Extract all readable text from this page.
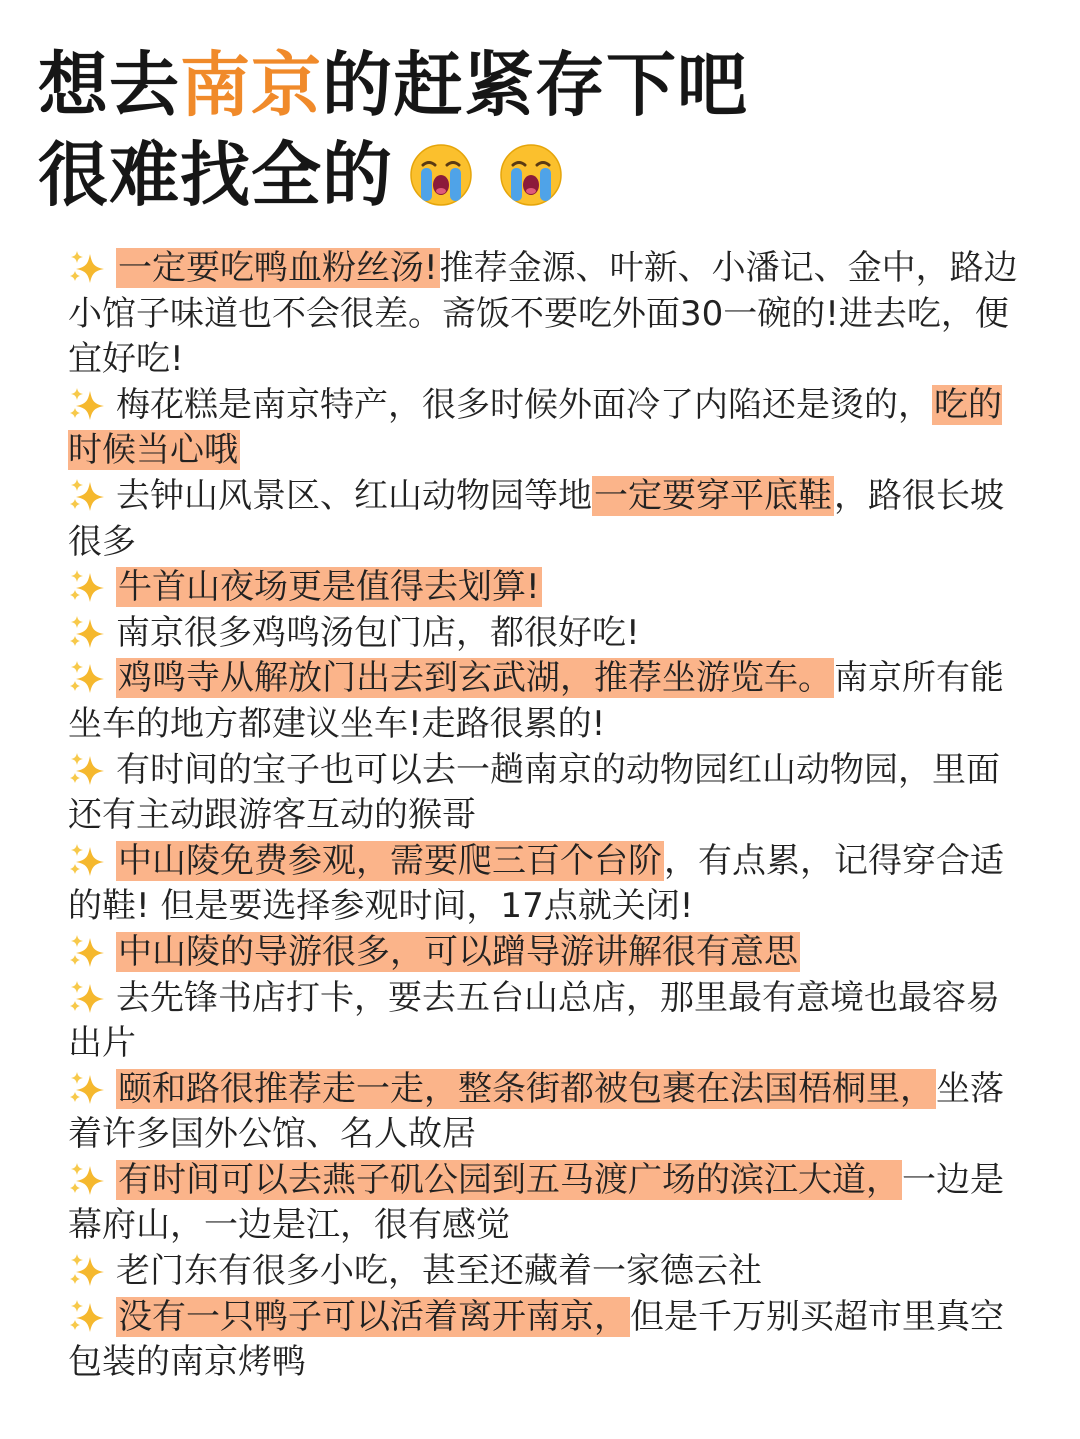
想去南京的赶紧存下吧
很难找全的
一定要吃鸭血粉丝汤!推荐金源、叶新、小潘记、金中，路边小馆子味道也不会很差。斋饭不要吃外面30一碗的!进去吃，便宜好吃!
梅花糕是南京特产，很多时候外面冷了内陷还是烫的，吃的时候当心哦
去钟山风景区、红山动物园等地一定要穿平底鞋，路很长坡很多
牛首山夜场更是值得去划算!
南京很多鸡鸣汤包门店，都很好吃!
鸡鸣寺从解放门出去到玄武湖，推荐坐游览车。南京所有能坐车的地方都建议坐车!走路很累的!
有时间的宝子也可以去一趟南京的动物园红山动物园，里面还有主动跟游客互动的猴哥
中山陵免费参观，需要爬三百个台阶，有点累，记得穿合适的鞋! 但是要选择参观时间，17点就关闭!
中山陵的导游很多，可以蹭导游讲解很有意思
去先锋书店打卡，要去五台山总店，那里最有意境也最容易出片
颐和路很推荐走一走，整条街都被包裹在法国梧桐里，坐落着许多国外公馆、名人故居
有时间可以去燕子矶公园到五马渡广场的滨江大道，一边是幕府山，一边是江，很有感觉
老门东有很多小吃，甚至还藏着一家德云社
没有一只鸭子可以活着离开南京，但是千万别买超市里真空包装的南京烤鸭
